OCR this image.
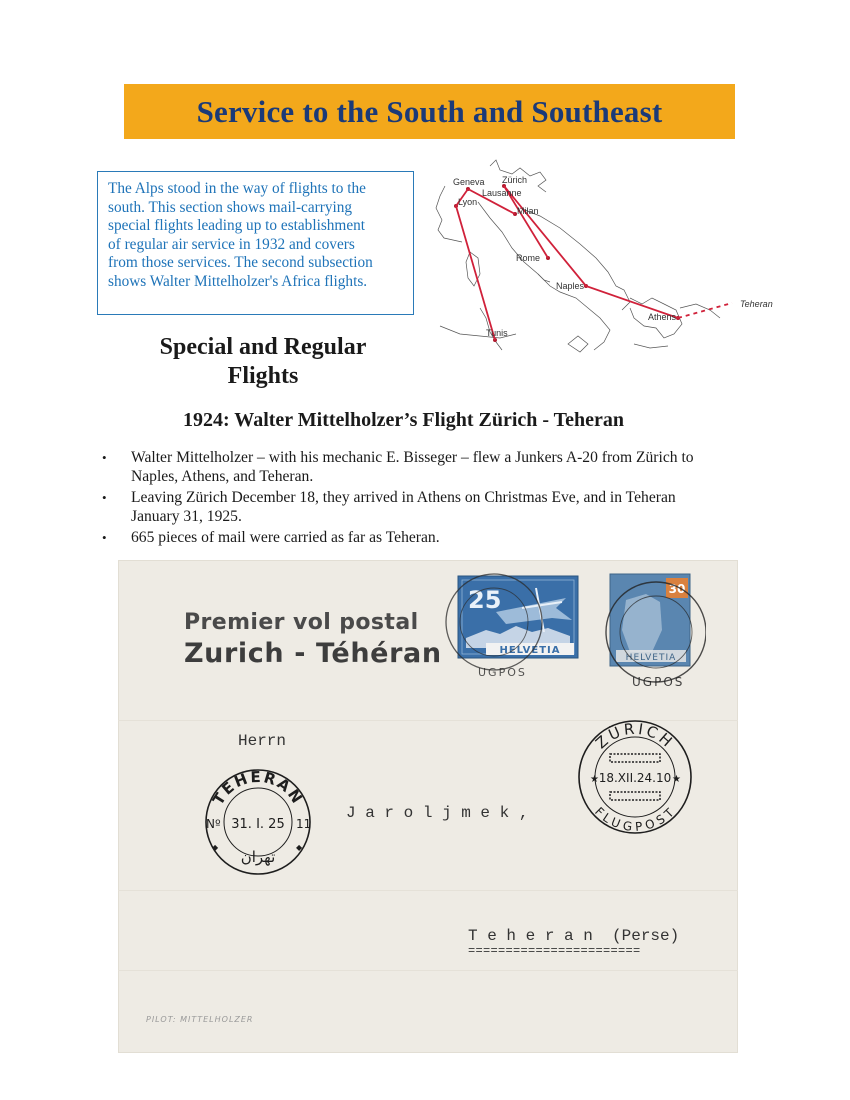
Service to the South and Southeast
The Alps stood in the way of flights to the
south. This section shows mail-carrying
special flights leading up to establishment
of regular air service in 1932 and covers
from those services. The second subsection
shows Walter Mittelholzer's Africa flights.
Geneva Zürich
Lausanne
Lyon
Milan
Rome
Naples
Athens
Tunis
Teheran
Special and Regular
Flights
1924: Walter Mittelholzer’s Flight Zürich - Teheran
• Walter Mittelholzer – with his mechanic E. Bisseger – flew a Junkers A-20 from Zürich to
Naples, Athens, and Teheran.
• Leaving Zürich December 18, they arrived in Athens on Christmas Eve, and in Teheran
January 31, 1925.
• 665 pieces of mail were carried as far as Teheran.
Premier vol postal
Zurich - Téhéran
25
HELVETIA
UGPOS
30
HELVETIA
UGPOS
ZÜRICH
FLUGPOST
18.XII.24.10
★	★
TEHERAN
Nº 31. I. 25 11
تهران
◆	◆
Herrn
J a r o l j m e k ,
T e h e r a n  (Perse)
=======================
PILOT: MITTELHOLZER
